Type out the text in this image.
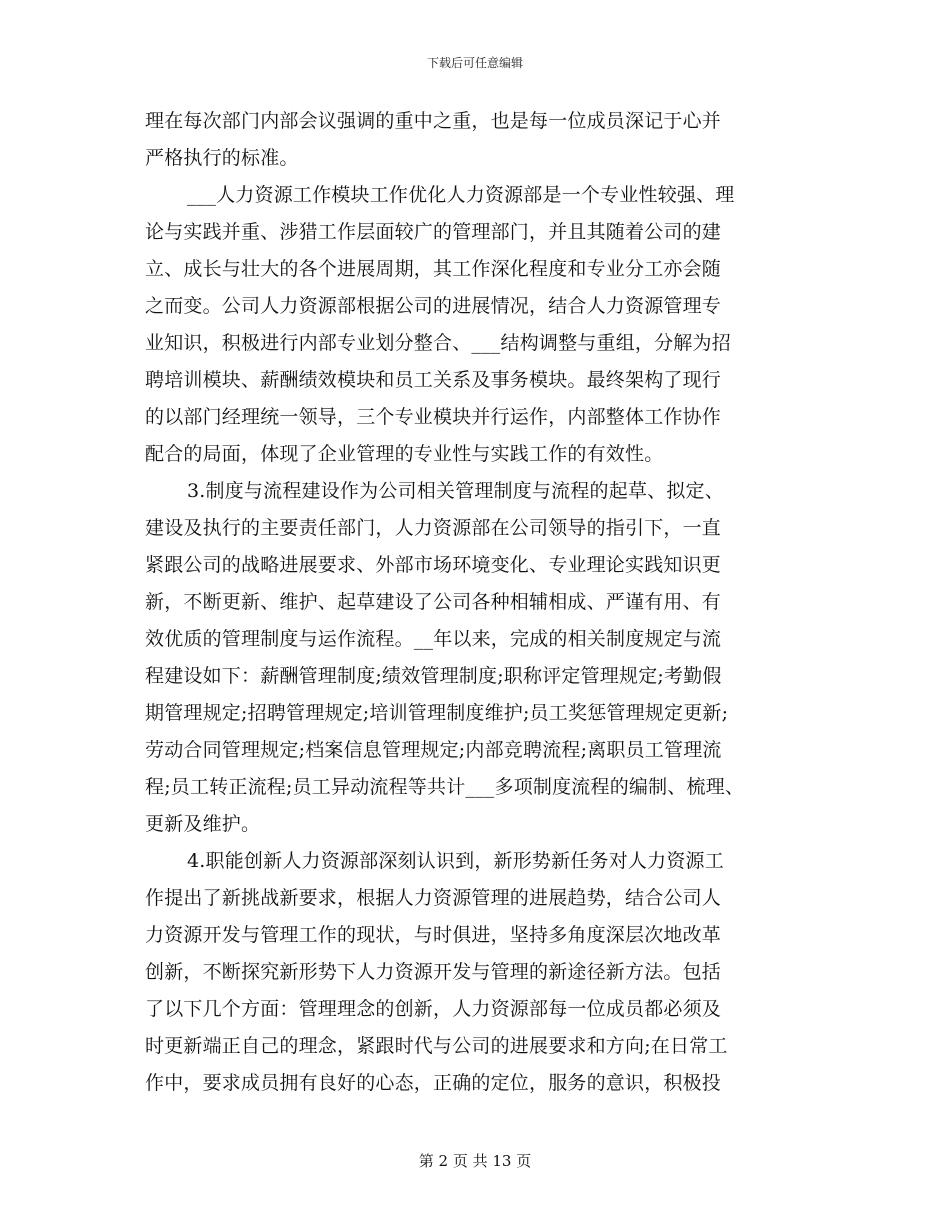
下载后可任意编辑
理在每次部门内部会议强调的重中之重，也是每一位成员深记于心并
严格执行的标准。
___人力资源工作模块工作优化人力资源部是一个专业性较强、理
论与实践并重、涉猎工作层面较广的管理部门，并且其随着公司的建
立、成长与壮大的各个进展周期，其工作深化程度和专业分工亦会随
之而变。公司人力资源部根据公司的进展情况，结合人力资源管理专
业知识，积极进行内部专业划分整合、___结构调整与重组，分解为招
聘培训模块、薪酬绩效模块和员工关系及事务模块。最终架构了现行
的以部门经理统一领导，三个专业模块并行运作，内部整体工作协作
配合的局面，体现了企业管理的专业性与实践工作的有效性。
3.制度与流程建设作为公司相关管理制度与流程的起草、拟定、
建设及执行的主要责任部门，人力资源部在公司领导的指引下，一直
紧跟公司的战略进展要求、外部市场环境变化、专业理论实践知识更
新，不断更新、维护、起草建设了公司各种相辅相成、严谨有用、有
效优质的管理制度与运作流程。__年以来，完成的相关制度规定与流
程建设如下：薪酬管理制度;绩效管理制度;职称评定管理规定;考勤假
期管理规定;招聘管理规定;培训管理制度维护;员工奖惩管理规定更新;
劳动合同管理规定;档案信息管理规定;内部竞聘流程;离职员工管理流
程;员工转正流程;员工异动流程等共计___多项制度流程的编制、梳理、
更新及维护。
4.职能创新人力资源部深刻认识到，新形势新任务对人力资源工
作提出了新挑战新要求，根据人力资源管理的进展趋势，结合公司人
力资源开发与管理工作的现状，与时俱进，坚持多角度深层次地改革
创新，不断探究新形势下人力资源开发与管理的新途径新方法。包括
了以下几个方面：管理理念的创新，人力资源部每一位成员都必须及
时更新端正自己的理念，紧跟时代与公司的进展要求和方向;在日常工
作中，要求成员拥有良好的心态，正确的定位，服务的意识，积极投
第 2 页 共 13 页
